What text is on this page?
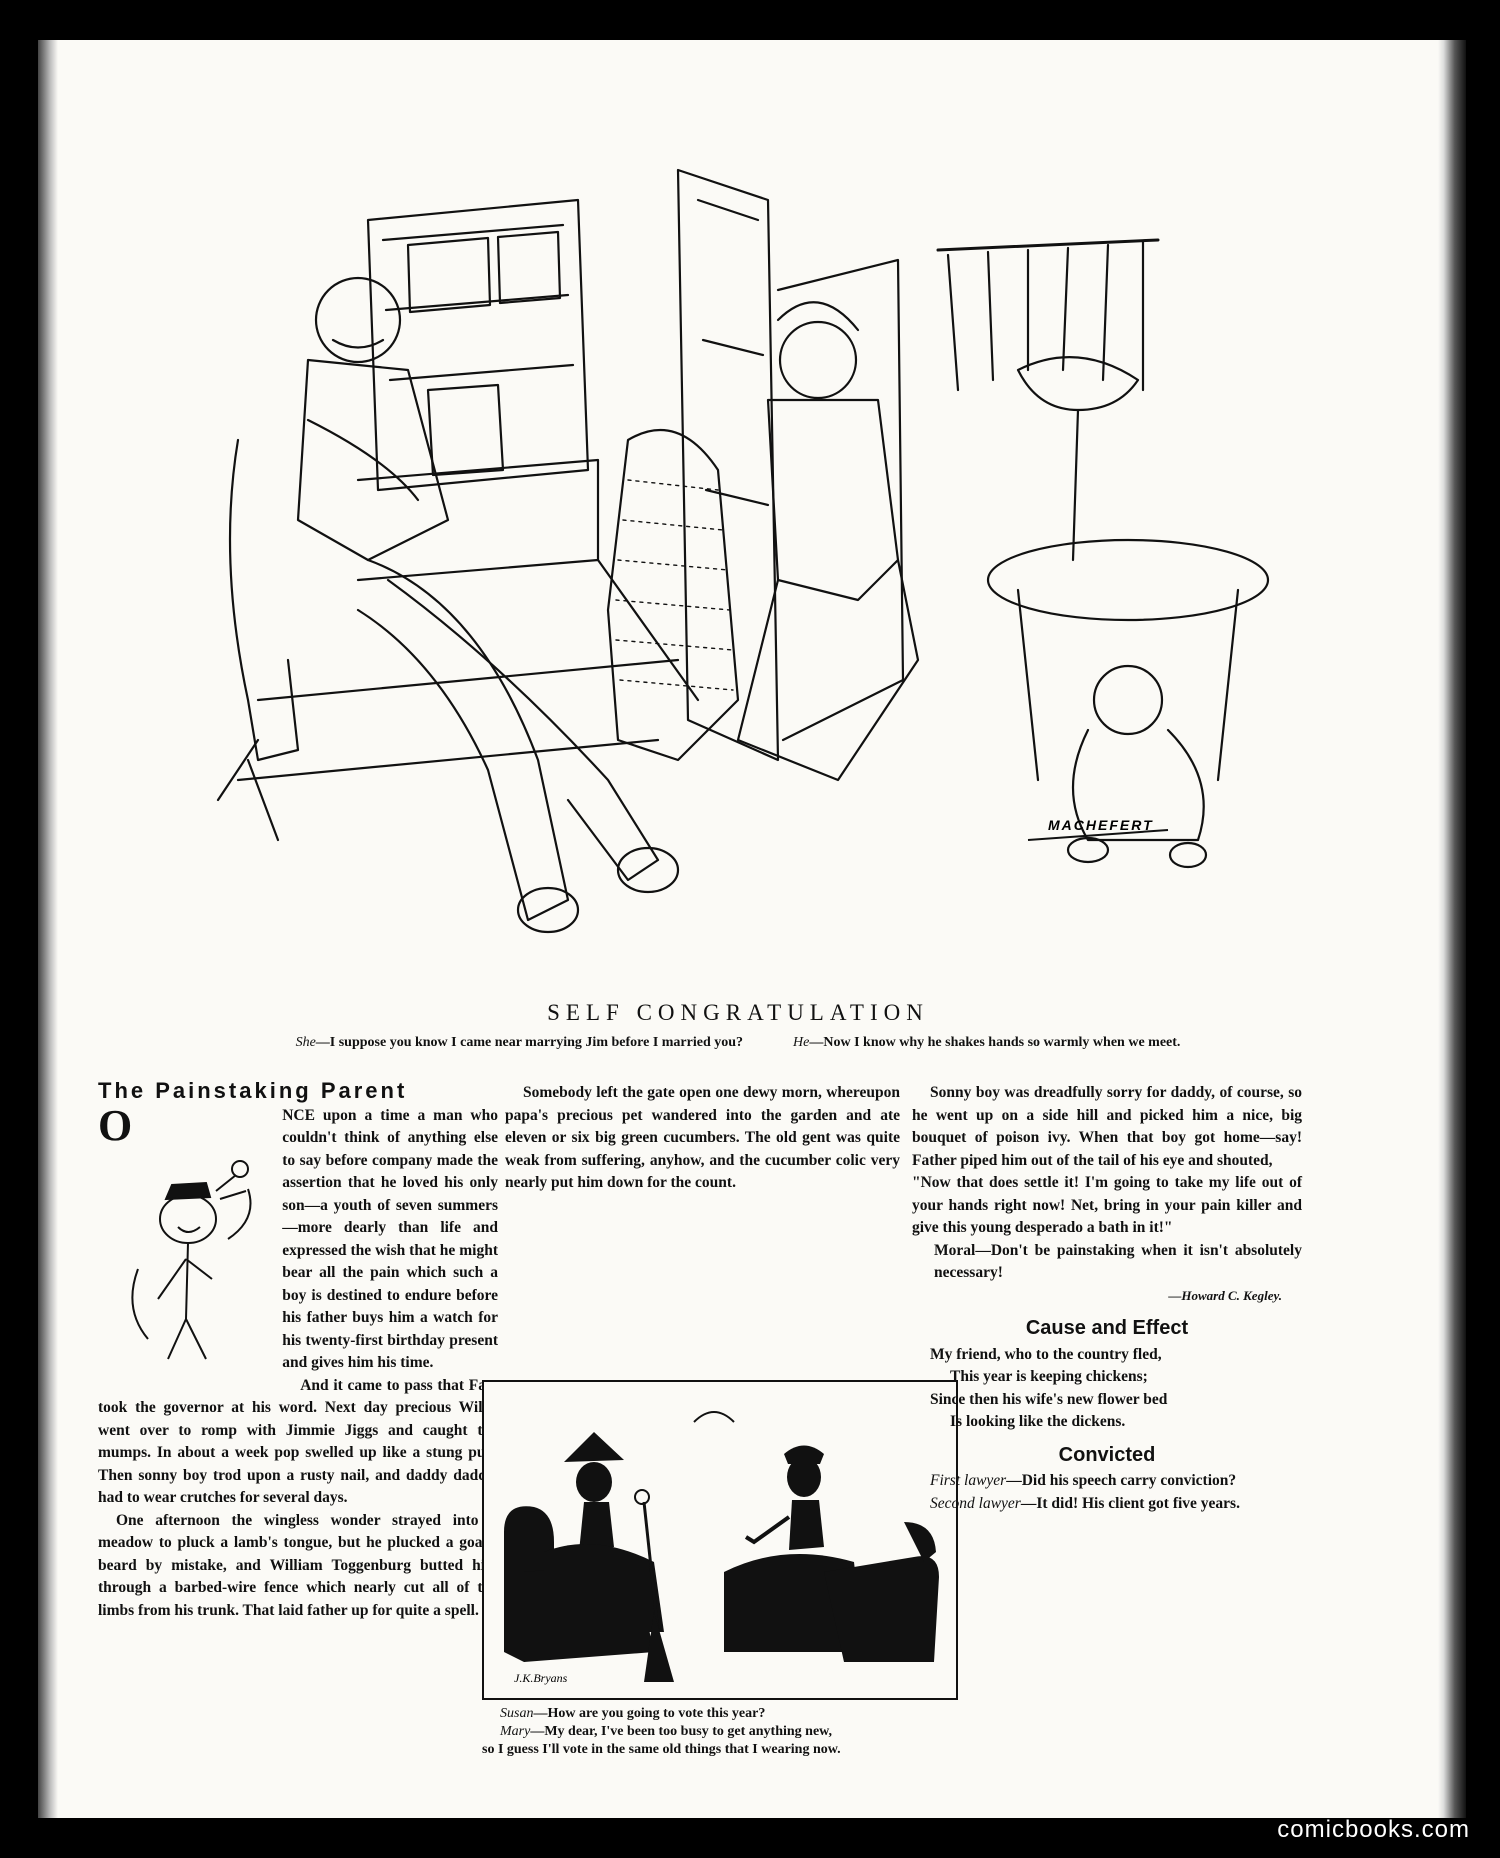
MACHEFERT
SELF CONGRATULATION
She—I suppose you know I came near marrying Jim before I married you?	He—Now I know why he shakes hands so warmly when we meet.
The Painstaking Parent

O	NCE upon a time a man who couldn't think of anything else to say before company made the assertion that he loved his only son—a youth of seven summers—more dearly than life and expressed the wish that he might bear all the pain which such a boy is destined to endure before his father buys him a watch for his twenty-first birthday present and gives him his time.

And it came to pass that Fate took the governor at his word. Next day precious Willie went over to romp with Jimmie Jiggs and caught the mumps. In about a week pop swelled up like a stung pup. Then sonny boy trod upon a rusty nail, and daddy daddle had to wear crutches for several days.

One afternoon the wingless wonder strayed into a meadow to pluck a lamb's tongue, but he plucked a goat's beard by mistake, and William Toggenburg butted him through a barbed-wire fence which nearly cut all of the limbs from his trunk. That laid father up for quite a spell.

Somebody left the gate open one dewy morn, whereupon papa's precious pet wandered into the garden and ate eleven or six big green cucumbers. The old gent was quite weak from suffering, anyhow, and the cucumber colic very nearly put him down for the count.

J.K.Bryans
Susan—How are you going to vote this year?
Mary—My dear, I've been too busy to get anything new,
so I guess I'll vote in the same old things that I wearing now.

Sonny boy was dreadfully sorry for daddy, of course, so he went up on a side hill and picked him a nice, big bouquet of poison ivy. When that boy got home—say! Father piped him out of the tail of his eye and shouted,

"Now that does settle it! I'm going to take my life out of your hands right now! Net, bring in your pain killer and give this young desperado a bath in it!"

Moral—Don't be painstaking when it isn't absolutely necessary!

—Howard C. Kegley.
Cause and Effect
My friend, who to the country fled,
This year is keeping chickens;
Since then his wife's new flower bed
Is looking like the dickens.
Convicted

First lawyer—Did his speech carry conviction?

Second lawyer—It did! His client got five years.

comicbooks.com
